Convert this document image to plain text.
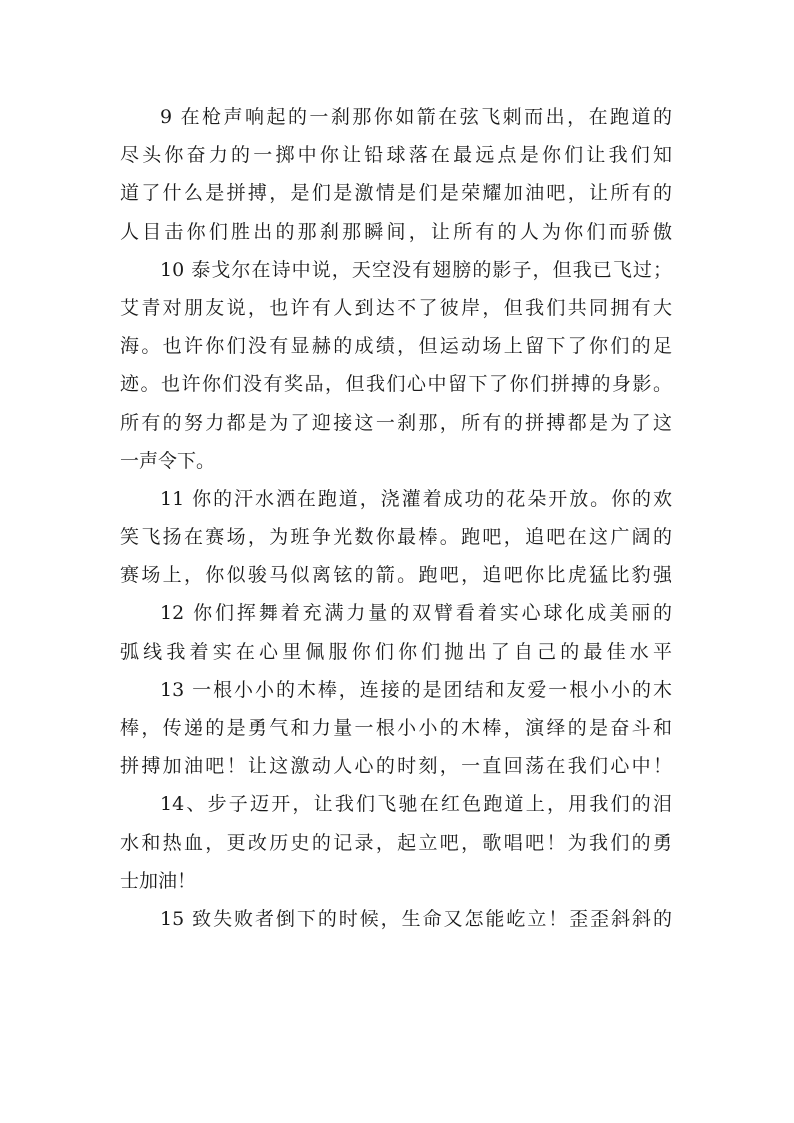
9 在枪声响起的一刹那你如箭在弦飞刺而出，在跑道的
尽头你奋力的一掷中你让铅球落在最远点是你们让我们知
道了什么是拼搏，是们是激情是们是荣耀加油吧，让所有的
人目击你们胜出的那刹那瞬间，让所有的人为你们而骄傲
10 泰戈尔在诗中说，天空没有翅膀的影子，但我已飞过；
艾青对朋友说，也许有人到达不了彼岸，但我们共同拥有大
海。也许你们没有显赫的成绩，但运动场上留下了你们的足
迹。也许你们没有奖品，但我们心中留下了你们拼搏的身影。
所有的努力都是为了迎接这一刹那，所有的拼搏都是为了这
一声令下。
11 你的汗水洒在跑道，浇灌着成功的花朵开放。你的欢
笑飞扬在赛场，为班争光数你最棒。跑吧，追吧在这广阔的
赛场上，你似骏马似离铉的箭。跑吧，追吧你比虎猛比豹强
12 你们挥舞着充满力量的双臂看着实心球化成美丽的
弧线我着实在心里佩服你们你们抛出了自己的最佳水平
13 一根小小的木棒，连接的是团结和友爱一根小小的木
棒，传递的是勇气和力量一根小小的木棒，演绎的是奋斗和
拼搏加油吧！让这激动人心的时刻，一直回荡在我们心中！
14、步子迈开，让我们飞驰在红色跑道上，用我们的泪
水和热血，更改历史的记录，起立吧，歌唱吧！为我们的勇
士加油！
15 致失败者倒下的时候，生命又怎能屹立！歪歪斜斜的
